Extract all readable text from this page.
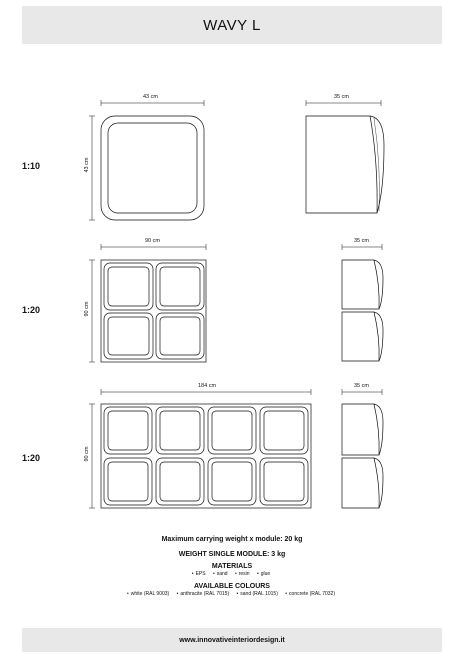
WAVY L
1:10
1:20
1:20
43 cm
43 cm
35 cm
90 cm
90 cm
35 cm
184 cm
90 cm
35 cm
Maximum carrying weight x module: 20 kg
WEIGHT SINGLE MODULE: 3 kg
MATERIALS
• EPS • sand • resin • glue
AVAILABLE COLOURS
• white (RAL 9003) • anthracite (RAL 7015) • sand (RAL 1015) • concrete (RAL 7032)
www.innovativeinteriordesign.it
